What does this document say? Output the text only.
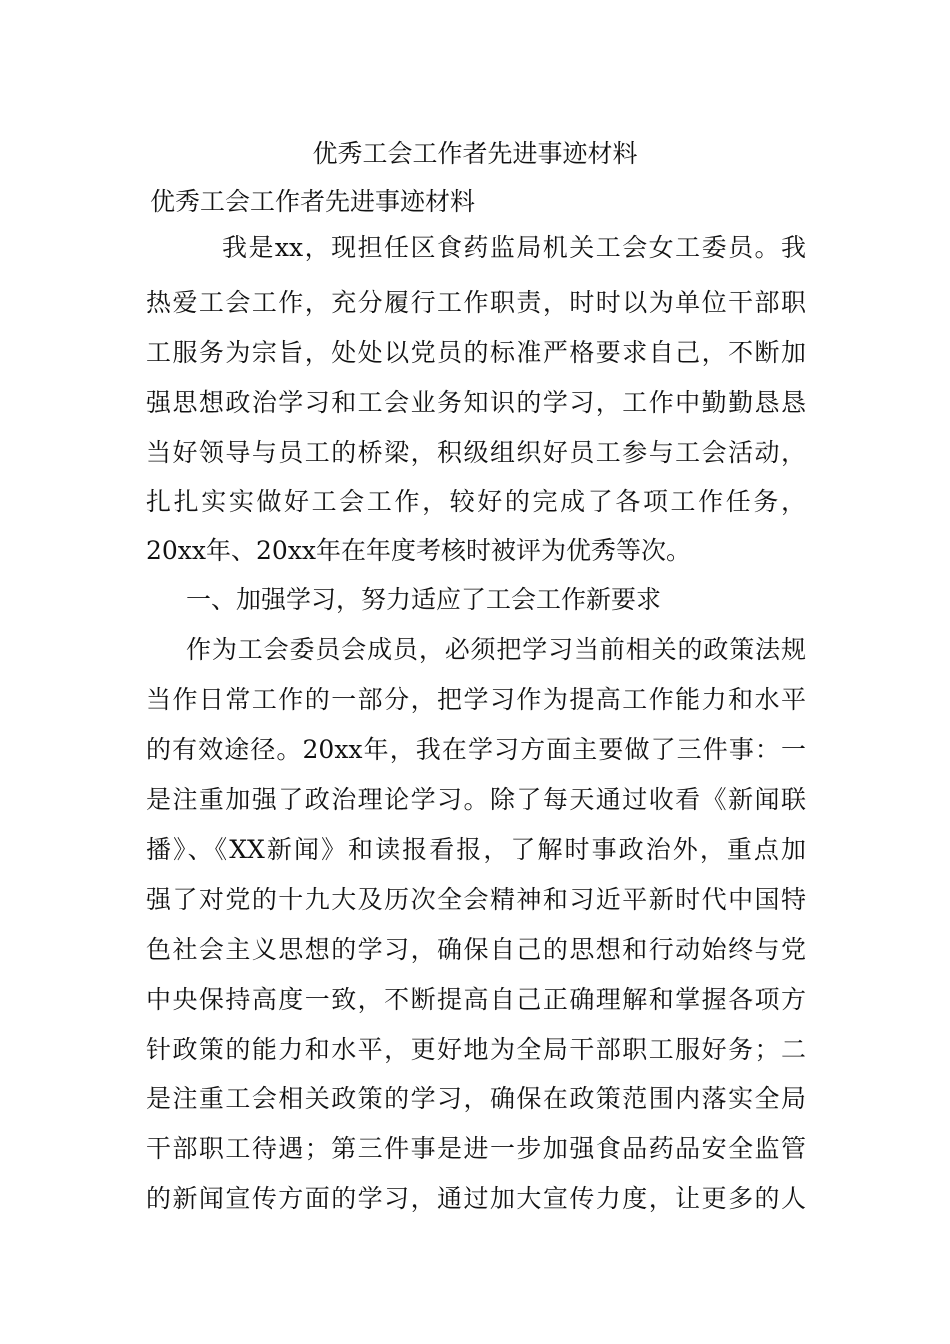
优秀工会工作者先进事迹材料
优秀工会工作者先进事迹材料
我是xx，现担任区食药监局机关工会女工委员。我
热爱工会工作，充分履行工作职责，时时以为单位干部职
工服务为宗旨，处处以党员的标准严格要求自己，不断加
强思想政治学习和工会业务知识的学习，工作中勤勤恳恳
当好领导与员工的桥梁，积级组织好员工参与工会活动，
扎扎实实做好工会工作，较好的完成了各项工作任务，
20xx年、20xx年在年度考核时被评为优秀等次。
一、加强学习，努力适应了工会工作新要求
作为工会委员会成员，必须把学习当前相关的政策法规
当作日常工作的一部分，把学习作为提高工作能力和水平
的有效途径。20xx年，我在学习方面主要做了三件事：一
是注重加强了政治理论学习。除了每天通过收看《新闻联
播》、《XX新闻》和读报看报，了解时事政治外，重点加
强了对党的十九大及历次全会精神和习近平新时代中国特
色社会主义思想的学习，确保自己的思想和行动始终与党
中央保持高度一致，不断提高自己正确理解和掌握各项方
针政策的能力和水平，更好地为全局干部职工服好务；二
是注重工会相关政策的学习，确保在政策范围内落实全局
干部职工待遇；第三件事是进一步加强食品药品安全监管
的新闻宣传方面的学习，通过加大宣传力度，让更多的人
